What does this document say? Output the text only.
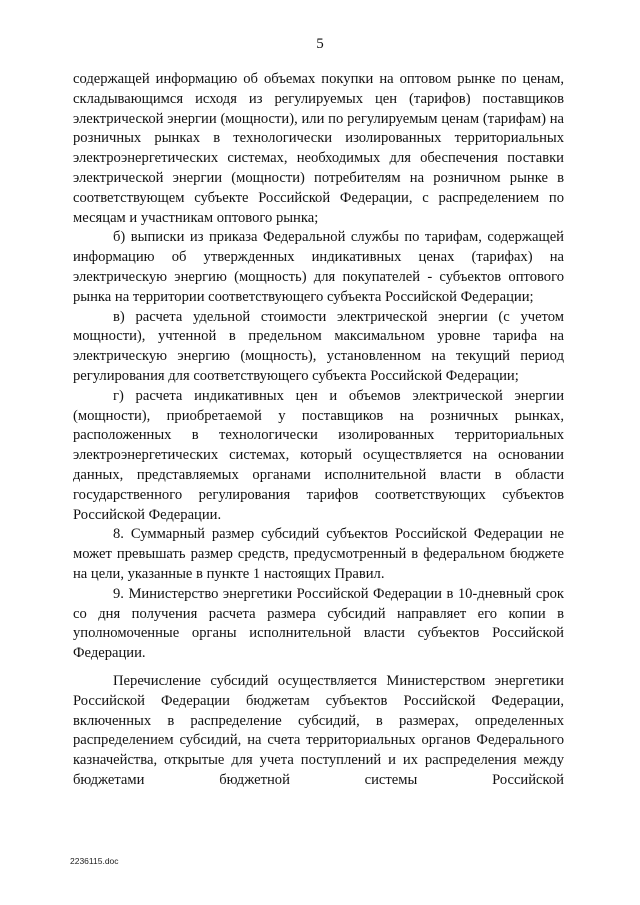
5

содержащей информацию об объемах покупки на оптовом рынке по ценам, складывающимся исходя из регулируемых цен (тарифов) поставщиков электрической энергии (мощности), или по регулируемым ценам (тарифам) на розничных рынках в технологически изолированных территориальных электроэнергетических системах, необходимых для обеспечения поставки электрической энергии (мощности) потребителям на розничном рынке в соответствующем субъекте Российской Федерации, с распределением по месяцам и участникам оптового рынка;

б) выписки из приказа Федеральной службы по тарифам, содержащей информацию об утвержденных индикативных ценах (тарифах) на электрическую энергию (мощность) для покупателей - субъектов оптового рынка на территории соответствующего субъекта Российской Федерации;

в) расчета удельной стоимости электрической энергии (с учетом мощности), учтенной в предельном максимальном уровне тарифа на электрическую энергию (мощность), установленном на текущий период регулирования для соответствующего субъекта Российской Федерации;

г) расчета индикативных цен и объемов электрической энергии (мощности), приобретаемой у поставщиков на розничных рынках, расположенных в технологически изолированных территориальных электроэнергетических системах, который осуществляется на основании данных, представляемых органами исполнительной власти в области государственного регулирования тарифов соответствующих субъектов Российской Федерации.

8. Суммарный размер субсидий субъектов Российской Федерации не может превышать размер средств, предусмотренный в федеральном бюджете на цели, указанные в пункте 1 настоящих Правил.

9. Министерство энергетики Российской Федерации в 10-дневный срок со дня получения расчета размера субсидий направляет его копии в уполномоченные органы исполнительной власти субъектов Российской Федерации.

Перечисление субсидий осуществляется Министерством энергетики Российской Федерации бюджетам субъектов Российской Федерации, включенных в распределение субсидий, в размерах, определенных распределением субсидий, на счета территориальных органов Федерального казначейства, открытые для учета поступлений и их распределения между бюджетами бюджетной системы Российской

2236115.doc
